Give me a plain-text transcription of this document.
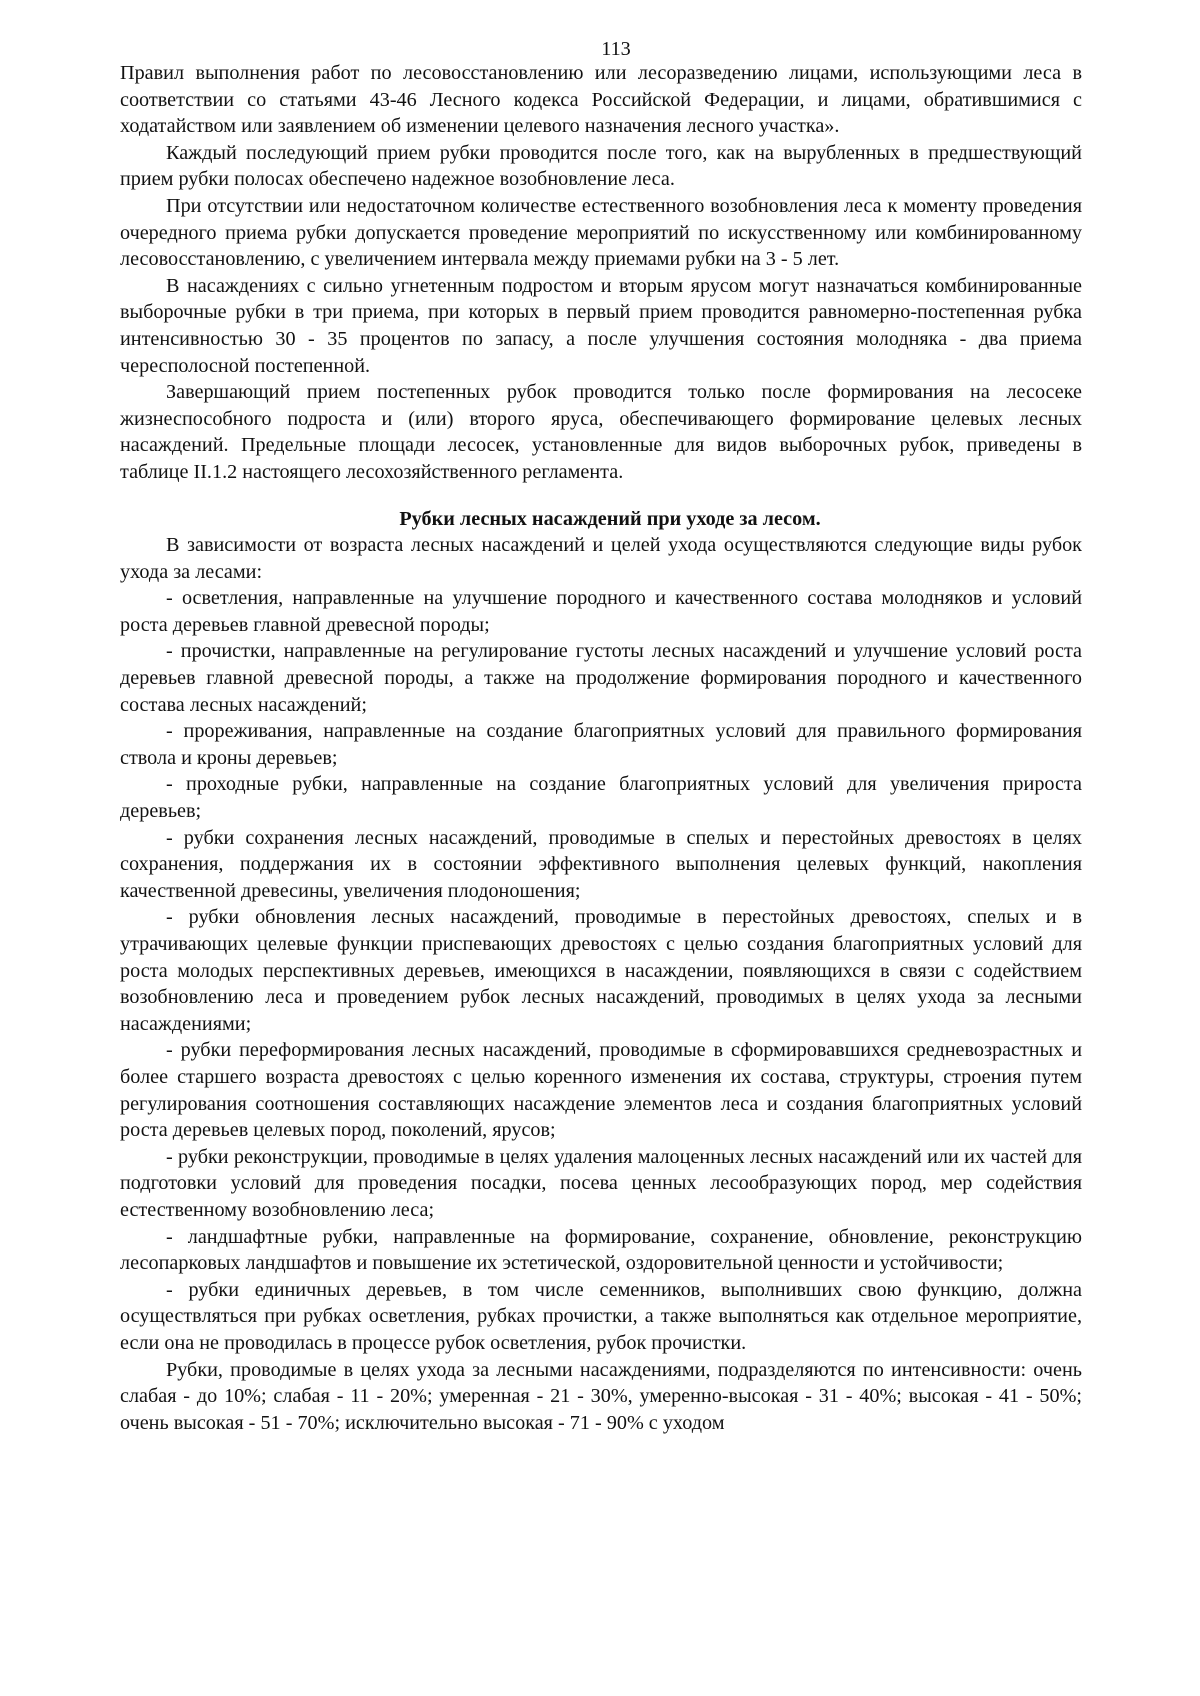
113

Правил выполнения работ по лесовосстановлению или лесоразведению лицами, использующими леса в соответствии со статьями 43-46 Лесного кодекса Российской Федерации, и лицами, обратившимися с ходатайством или заявлением об изменении целевого назначения лесного участка».

Каждый последующий прием рубки проводится после того, как на вырубленных в предшествующий прием рубки полосах обеспечено надежное возобновление леса.

При отсутствии или недостаточном количестве естественного возобновления леса к моменту проведения очередного приема рубки допускается проведение мероприятий по искусственному или комбинированному лесовосстановлению, с увеличением интервала между приемами рубки на 3 - 5 лет.

В насаждениях с сильно угнетенным подростом и вторым ярусом могут назначаться комбинированные выборочные рубки в три приема, при которых в первый прием проводится равномерно-постепенная рубка интенсивностью 30 - 35 процентов по запасу, а после улучшения состояния молодняка - два приема чересполосной постепенной.

Завершающий прием постепенных рубок проводится только после формирования на лесосеке жизнеспособного подроста и (или) второго яруса, обеспечивающего формирование целевых лесных насаждений. Предельные площади лесосек, установленные для видов выборочных рубок, приведены в таблице II.1.2 настоящего лесохозяйственного регламента.

Рубки лесных насаждений при уходе за лесом.

В зависимости от возраста лесных насаждений и целей ухода осуществляются следующие виды рубок ухода за лесами:

- осветления, направленные на улучшение породного и качественного состава молодняков и условий роста деревьев главной древесной породы;

- прочистки, направленные на регулирование густоты лесных насаждений и улучшение условий роста деревьев главной древесной породы, а также на продолжение формирования породного и качественного состава лесных насаждений;

- прореживания, направленные на создание благоприятных условий для правильного формирования ствола и кроны деревьев;

- проходные рубки, направленные на создание благоприятных условий для увеличения прироста деревьев;

- рубки сохранения лесных насаждений, проводимые в спелых и перестойных древостоях в целях сохранения, поддержания их в состоянии эффективного выполнения целевых функций, накопления качественной древесины, увеличения плодоношения;

- рубки обновления лесных насаждений, проводимые в перестойных древостоях, спелых и в утрачивающих целевые функции приспевающих древостоях с целью создания благоприятных условий для роста молодых перспективных деревьев, имеющихся в насаждении, появляющихся в связи с содействием возобновлению леса и проведением рубок лесных насаждений, проводимых в целях ухода за лесными насаждениями;

- рубки переформирования лесных насаждений, проводимые в сформировавшихся средневозрастных и более старшего возраста древостоях с целью коренного изменения их состава, структуры, строения путем регулирования соотношения составляющих насаждение элементов леса и создания благоприятных условий роста деревьев целевых пород, поколений, ярусов;

- рубки реконструкции, проводимые в целях удаления малоценных лесных насаждений или их частей для подготовки условий для проведения посадки, посева ценных лесообразующих пород, мер содействия естественному возобновлению леса;

- ландшафтные рубки, направленные на формирование, сохранение, обновление, реконструкцию лесопарковых ландшафтов и повышение их эстетической, оздоровительной ценности и устойчивости;

- рубки единичных деревьев, в том числе семенников, выполнивших свою функцию, должна осуществляться при рубках осветления, рубках прочистки, а также выполняться как отдельное мероприятие, если она не проводилась в процессе рубок осветления, рубок прочистки.

Рубки, проводимые в целях ухода за лесными насаждениями, подразделяются по интенсивности: очень слабая - до 10%; слабая - 11 - 20%; умеренная - 21 - 30%, умеренно-высокая - 31 - 40%; высокая - 41 - 50%; очень высокая - 51 - 70%; исключительно высокая - 71 - 90% с уходом
